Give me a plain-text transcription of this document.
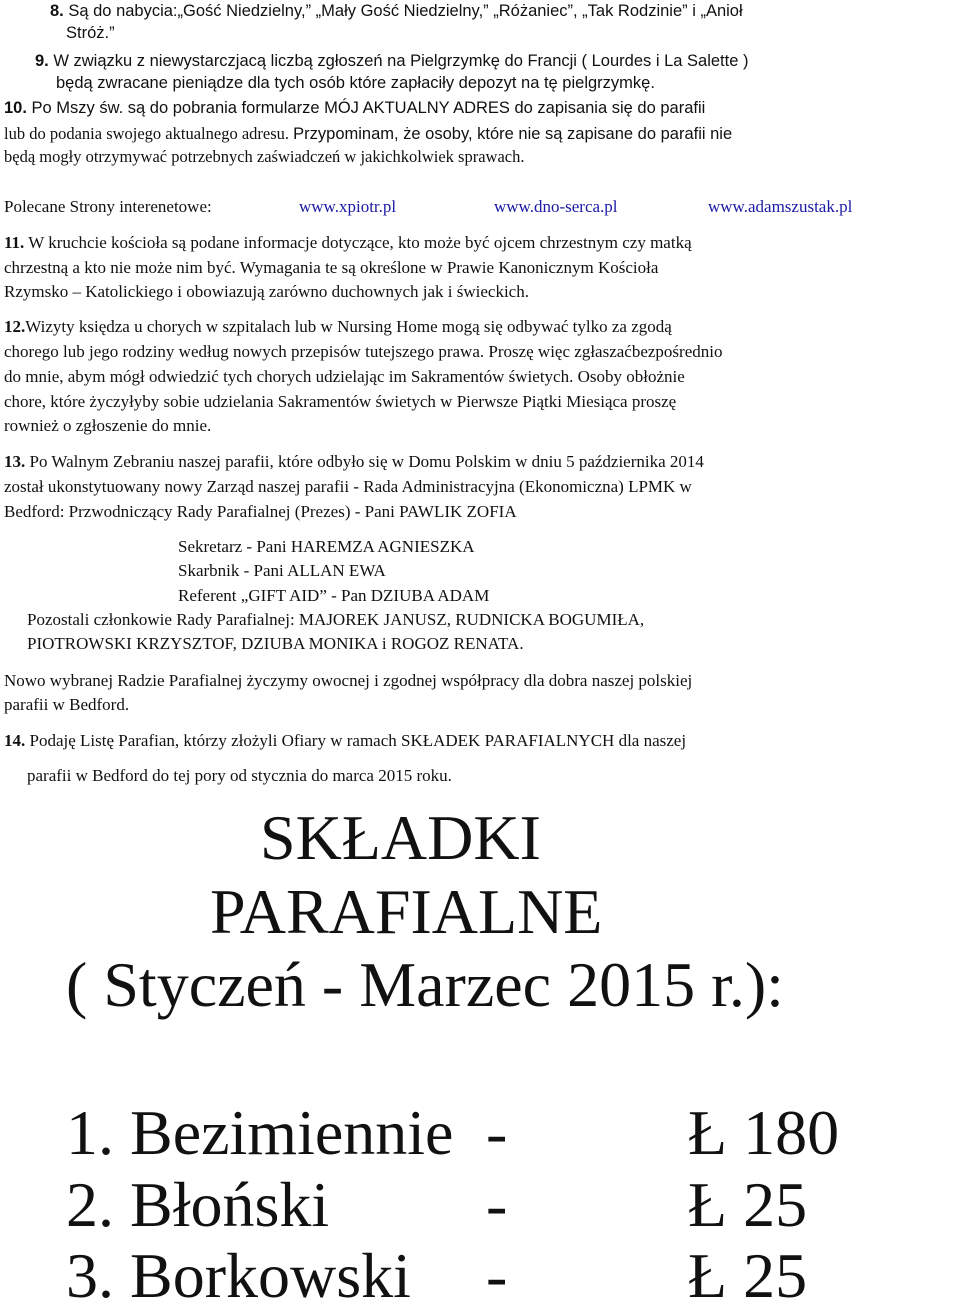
8. Są do nabycia:„Gość Niedzielny,” „Mały Gość Niedzielny,” „Różaniec”, „Tak Rodzinie” i „Anioł
Stróż.”
9. W związku z niewystarczjacą liczbą zgłoszeń na Pielgrzymkę do Francji ( Lourdes i La Salette )
będą zwracane pieniądze dla tych osób które zapłaciły depozyt na tę pielgrzymkę.
10. Po Mszy św. są do pobrania formularze MÓJ AKTUALNY ADRES do zapisania się do parafii
lub do podania swojego aktualnego adresu. Przypominam, że osoby, które nie są zapisane do parafii nie
będą mogły otrzymywać potrzebnych zaświadczeń w jakichkolwiek sprawach.
Polecane Strony interenetowe:	www.xpiotr.pl	www.dno-serca.pl	www.adamszustak.pl
11. W kruchcie kościoła są podane informacje dotyczące, kto może być ojcem chrzestnym czy matką
chrzestną a kto nie może nim być. Wymagania te są określone w Prawie Kanonicznym Kościoła
Rzymsko – Katolickiego i obowiazują zarówno duchownych jak i świeckich.
12.Wizyty księdza u chorych w szpitalach lub w Nursing Home mogą się odbywać tylko za zgodą
chorego lub jego rodziny według nowych przepisów tutejszego prawa. Proszę więc zgłaszaćbezpośrednio
do mnie, abym mógł odwiedzić tych chorych udzielając im Sakramentów świetych. Osoby obłożnie
chore, które życzyłyby sobie udzielania Sakramentów świetych w Pierwsze Piątki Miesiąca proszę
rownież o zgłoszenie do mnie.
13. Po Walnym Zebraniu naszej parafii, które odbyło się w Domu Polskim w dniu 5 października 2014
został ukonstytuowany nowy Zarząd naszej parafii - Rada Administracyjna (Ekonomiczna) LPMK w
Bedford: Przwodniczący Rady Parafialnej (Prezes) - Pani PAWLIK ZOFIA
Sekretarz - Pani HAREMZA AGNIESZKA
Skarbnik - Pani ALLAN EWA
Referent „GIFT AID” - Pan DZIUBA ADAM
Pozostali członkowie Rady Parafialnej: MAJOREK JANUSZ, RUDNICKA BOGUMIŁA,
PIOTROWSKI KRZYSZTOF, DZIUBA MONIKA i ROGOZ RENATA.
Nowo wybranej Radzie Parafialnej życzymy owocnej i zgodnej współpracy dla dobra naszej polskiej
parafii w Bedford.
14. Podaję Listę Parafian, którzy złożyli Ofiary w ramach SKŁADEK PARAFIALNYCH dla naszej
parafii w Bedford do tej pory od stycznia do marca 2015 roku.
SKŁADKI
PARAFIALNE
( Styczeń - Marzec 2015 r.):
1. Bezimiennie -	Ł 180
2. Błoński -	Ł 25
3. Borkowski -	Ł 25
